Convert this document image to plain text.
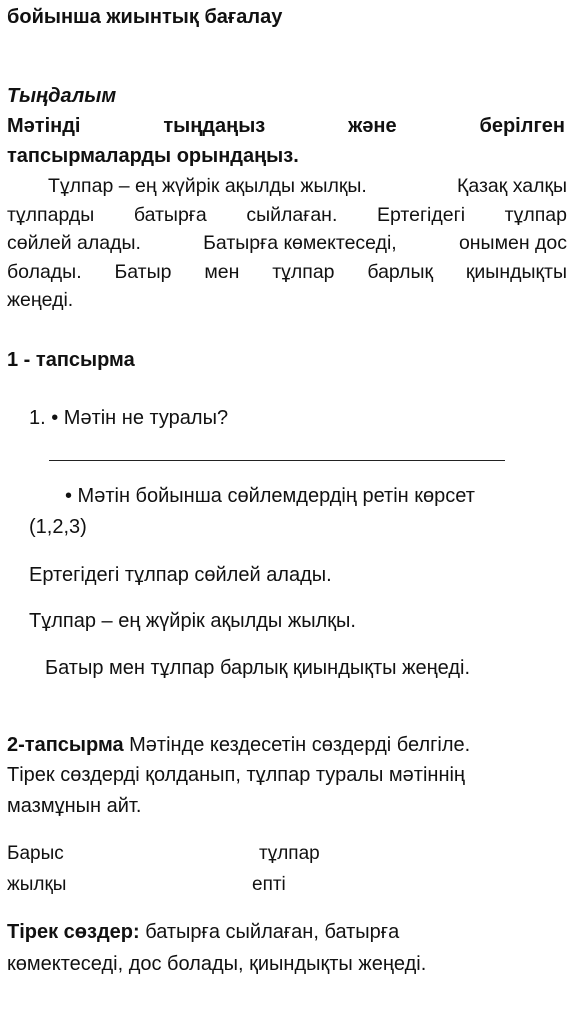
бойынша жиынтық бағалау
Тыңдалым
Мәтінді	тыңдаңыз	және	берілген
тапсырмаларды орындаңыз.
Тұлпар – ең жүйрік ақылды жылқы.	Қазақ халқы
тұлпарды батырға сыйлаған. Ертегідегі тұлпар
сөйлей алады.	Батырға көмектеседі,	онымен дос
болады. Батыр мен тұлпар барлық қиындықты
жеңеді.
1 - тапсырма
1. • Мәтін не туралы?
• Мәтін бойынша сөйлемдердің ретін көрсет
(1,2,3)
Ертегідегі тұлпар сөйлей алады.
Тұлпар – ең жүйрік ақылды жылқы.
Батыр мен тұлпар барлық қиындықты жеңеді.
2-тапсырма Мәтінде кездесетін сөздерді белгіле.
Тірек сөздерді қолданып, тұлпар туралы мәтіннің
мазмұнын айт.
Барыс	тұлпар
жылқы	епті
Тірек сөздер: батырға сыйлаған, батырға
көмектеседі, дос болады, қиындықты жеңеді.
